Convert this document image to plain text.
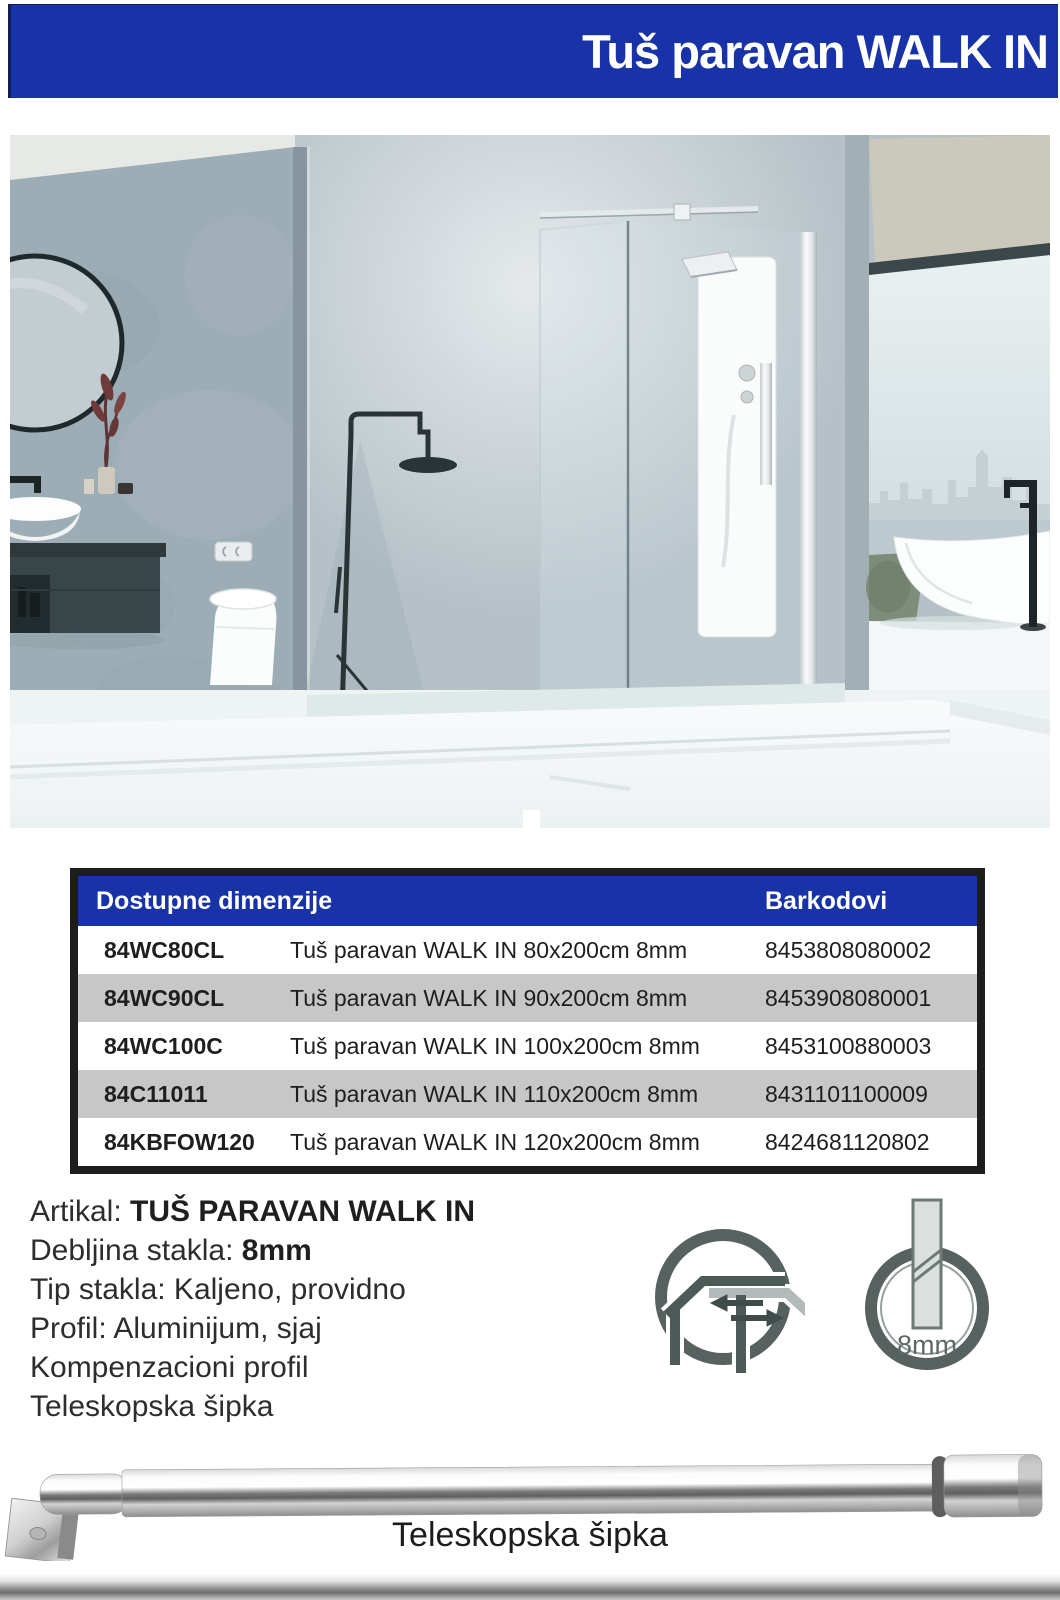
Tuš paravan WALK IN
Dostupne dimenzije	Barkodovi
84WC80CL	Tuš paravan WALK IN 80x200cm 8mm	8453808080002
84WC90CL	Tuš paravan WALK IN 90x200cm 8mm	8453908080001
84WC100C	Tuš paravan WALK IN 100x200cm 8mm	8453100880003
84C11011	Tuš paravan WALK IN 110x200cm 8mm	8431101100009
84KBFOW120	Tuš paravan WALK IN 120x200cm 8mm	8424681120802
Artikal: TUŠ PARAVAN WALK IN
Debljina stakla: 8mm
Tip stakla: Kaljeno, providno
Profil: Aluminijum, sjaj
Kompenzacioni profil
Teleskopska šipka
8mm
Teleskopska šipka
